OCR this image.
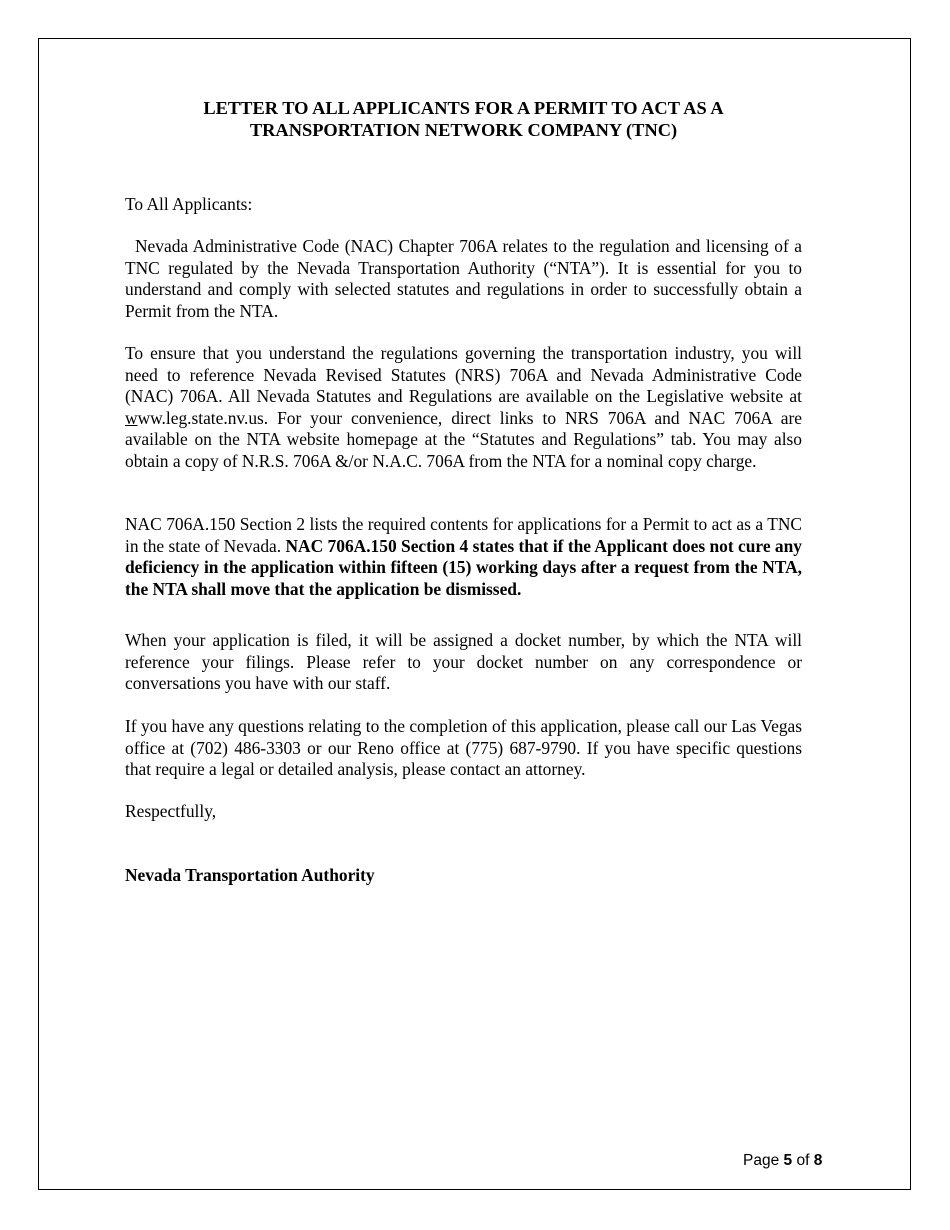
LETTER TO ALL APPLICANTS FOR A PERMIT TO ACT AS A
TRANSPORTATION NETWORK COMPANY (TNC)

To All Applicants:

Nevada Administrative Code (NAC) Chapter 706A relates to the regulation and licensing of a TNC regulated by the Nevada Transportation Authority (“NTA”). It is essential for you to understand and comply with selected statutes and regulations in order to successfully obtain a Permit from the NTA.

To ensure that you understand the regulations governing the transportation industry, you will need to reference Nevada Revised Statutes (NRS) 706A and Nevada Administrative Code (NAC) 706A. All Nevada Statutes and Regulations are available on the Legislative website at www.leg.state.nv.us. For your convenience, direct links to NRS 706A and NAC 706A are available on the NTA website homepage at the “Statutes and Regulations” tab. You may also obtain a copy of N.R.S. 706A &/or N.A.C. 706A from the NTA for a nominal copy charge.

NAC 706A.150 Section 2 lists the required contents for applications for a Permit to act as a TNC in the state of Nevada. NAC 706A.150 Section 4 states that if the Applicant does not cure any deficiency in the application within fifteen (15) working days after a request from the NTA, the NTA shall move that the application be dismissed.

When your application is filed, it will be assigned a docket number, by which the NTA will reference your filings. Please refer to your docket number on any correspondence or conversations you have with our staff.

If you have any questions relating to the completion of this application, please call our Las Vegas office at (702) 486-3303 or our Reno office at (775) 687-9790. If you have specific questions that require a legal or detailed analysis, please contact an attorney.

Respectfully,

Nevada Transportation Authority

Page 5 of 8
